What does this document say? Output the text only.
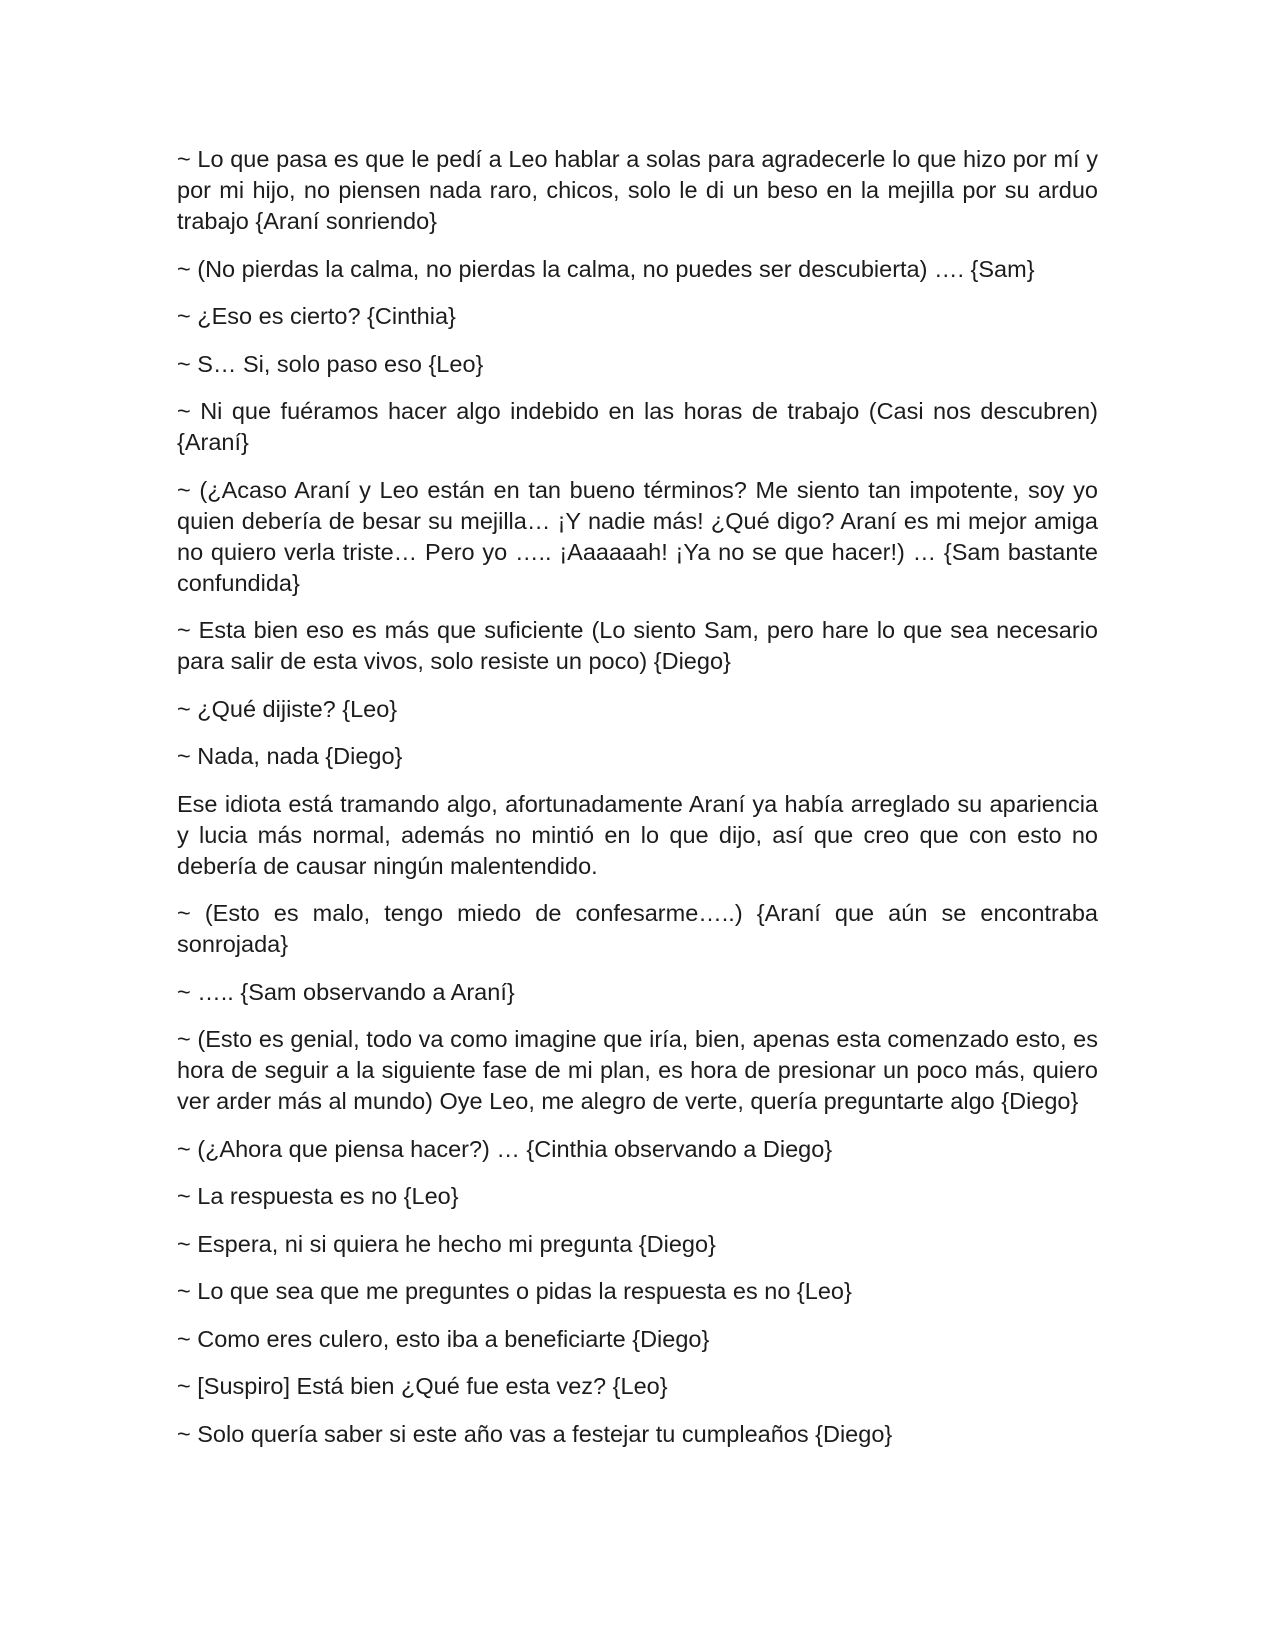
~ Lo que pasa es que le pedí a Leo hablar a solas para agradecerle lo que hizo por mí y por mi hijo, no piensen nada raro, chicos, solo le di un beso en la mejilla por su arduo trabajo {Araní sonriendo}

~ (No pierdas la calma, no pierdas la calma, no puedes ser descubierta) …. {Sam}

~ ¿Eso es cierto? {Cinthia}

~ S… Si, solo paso eso {Leo}

~ Ni que fuéramos hacer algo indebido en las horas de trabajo (Casi nos descubren) {Araní}

~ (¿Acaso Araní y Leo están en tan bueno términos? Me siento tan impotente, soy yo quien debería de besar su mejilla… ¡Y nadie más! ¿Qué digo? Araní es mi mejor amiga no quiero verla triste… Pero yo ….. ¡Aaaaaah! ¡Ya no se que hacer!) … {Sam bastante confundida}

~ Esta bien eso es más que suficiente (Lo siento Sam, pero hare lo que sea necesario para salir de esta vivos, solo resiste un poco) {Diego}

~ ¿Qué dijiste? {Leo}

~ Nada, nada {Diego}

Ese idiota está tramando algo, afortunadamente Araní ya había arreglado su apariencia y lucia más normal, además no mintió en lo que dijo, así que creo que con esto no debería de causar ningún malentendido.

~ (Esto es malo, tengo miedo de confesarme…..) {Araní que aún se encontraba sonrojada}

~ ….. {Sam observando a Araní}

~ (Esto es genial, todo va como imagine que iría, bien, apenas esta comenzado esto, es hora de seguir a la siguiente fase de mi plan, es hora de presionar un poco más, quiero ver arder más al mundo) Oye Leo, me alegro de verte, quería preguntarte algo {Diego}

~ (¿Ahora que piensa hacer?) … {Cinthia observando a Diego}

~ La respuesta es no {Leo}

~ Espera, ni si quiera he hecho mi pregunta {Diego}

~ Lo que sea que me preguntes o pidas la respuesta es no {Leo}

~ Como eres culero, esto iba a beneficiarte {Diego}

~ [Suspiro] Está bien ¿Qué fue esta vez? {Leo}

~ Solo quería saber si este año vas a festejar tu cumpleaños {Diego}
